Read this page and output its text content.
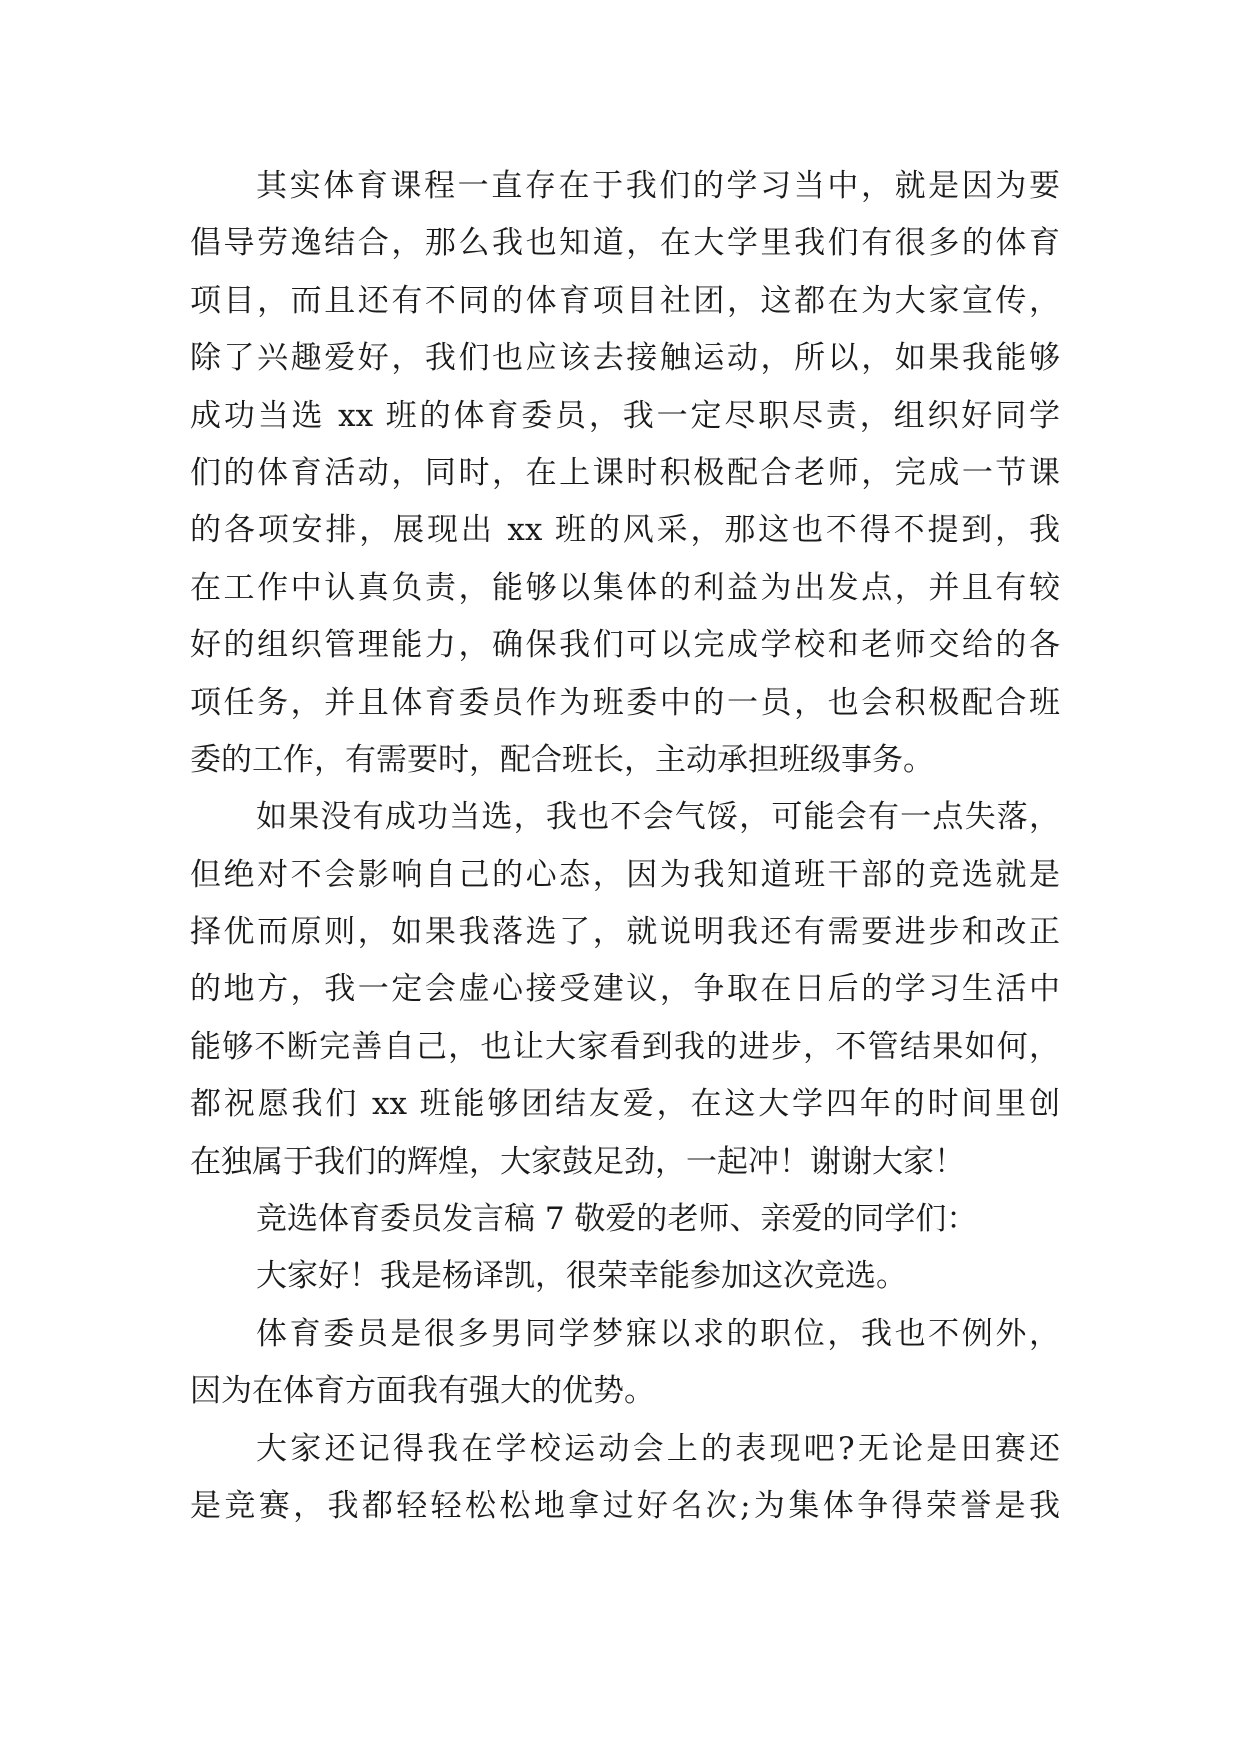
其实体育课程一直存在于我们的学习当中，就是因为要
倡导劳逸结合，那么我也知道，在大学里我们有很多的体育
项目，而且还有不同的体育项目社团，这都在为大家宣传，
除了兴趣爱好，我们也应该去接触运动，所以，如果我能够
成功当选 xx 班的体育委员，我一定尽职尽责，组织好同学
们的体育活动，同时，在上课时积极配合老师，完成一节课
的各项安排，展现出 xx 班的风采，那这也不得不提到，我
在工作中认真负责，能够以集体的利益为出发点，并且有较
好的组织管理能力，确保我们可以完成学校和老师交给的各
项任务，并且体育委员作为班委中的一员，也会积极配合班
委的工作，有需要时，配合班长，主动承担班级事务。
如果没有成功当选，我也不会气馁，可能会有一点失落，
但绝对不会影响自己的心态，因为我知道班干部的竞选就是
择优而原则，如果我落选了，就说明我还有需要进步和改正
的地方，我一定会虚心接受建议，争取在日后的学习生活中
能够不断完善自己，也让大家看到我的进步，不管结果如何，
都祝愿我们 xx 班能够团结友爱，在这大学四年的时间里创
在独属于我们的辉煌，大家鼓足劲，一起冲！谢谢大家！
竞选体育委员发言稿 7 敬爱的老师、亲爱的同学们：
大家好！我是杨译凯，很荣幸能参加这次竞选。
体育委员是很多男同学梦寐以求的职位，我也不例外，
因为在体育方面我有强大的优势。
大家还记得我在学校运动会上的表现吧?无论是田赛还
是竞赛，我都轻轻松松地拿过好名次;为集体争得荣誉是我
